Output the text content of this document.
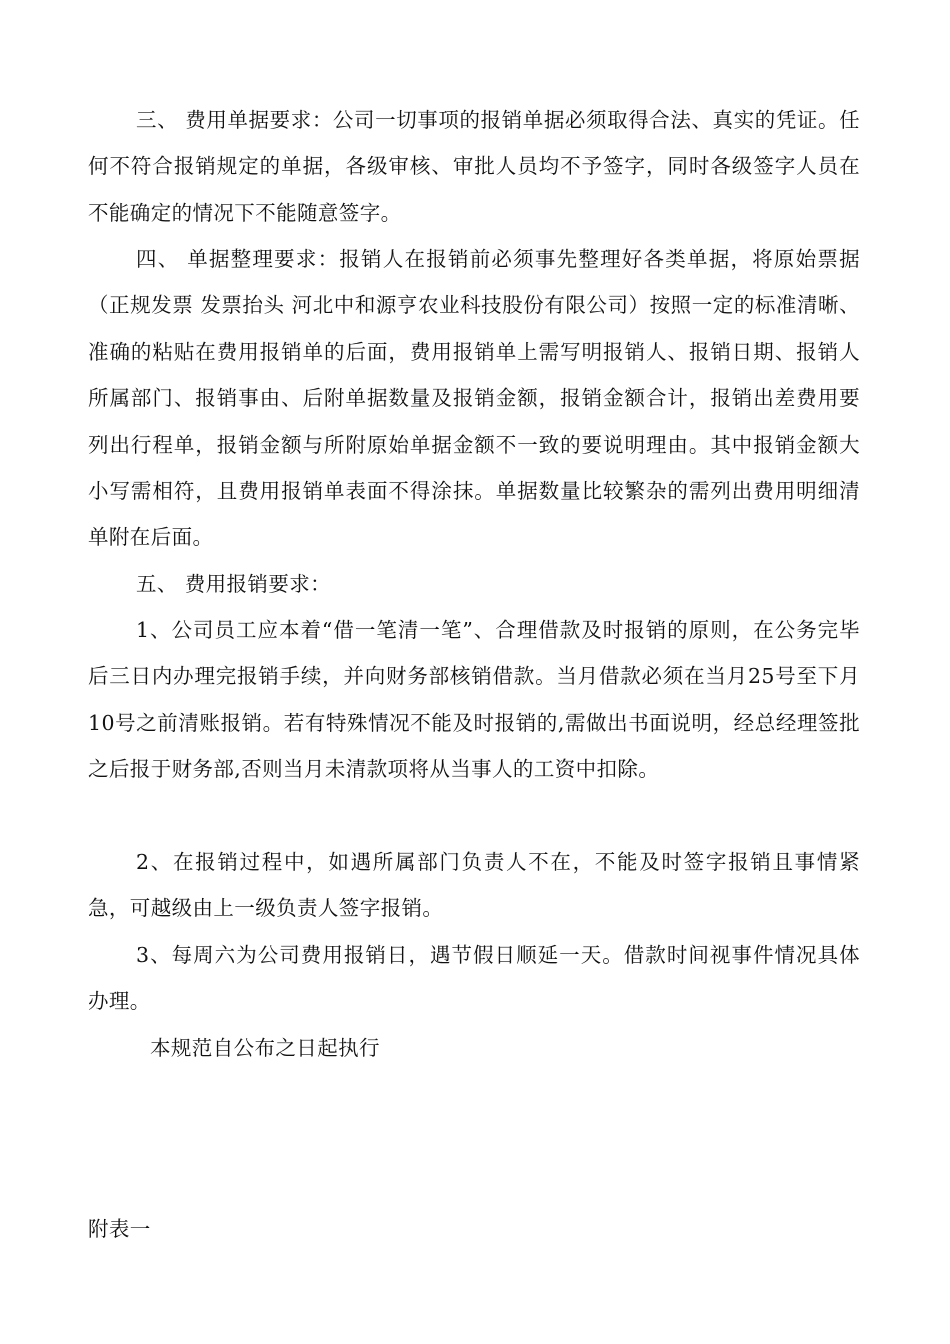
三、 费用单据要求：公司一切事项的报销单据必须取得合法、真实的凭证。任何不符合报销规定的单据，各级审核、审批人员均不予签字，同时各级签字人员在不能确定的情况下不能随意签字。

四、 单据整理要求：报销人在报销前必须事先整理好各类单据，将原始票据（正规发票 发票抬头 河北中和源亨农业科技股份有限公司）按照一定的标准清晰、准确的粘贴在费用报销单的后面，费用报销单上需写明报销人、报销日期、报销人所属部门、报销事由、后附单据数量及报销金额，报销金额合计，报销出差费用要列出行程单，报销金额与所附原始单据金额不一致的要说明理由。其中报销金额大小写需相符，且费用报销单表面不得涂抹。单据数量比较繁杂的需列出费用明细清单附在后面。

五、 费用报销要求：

1、公司员工应本着“借一笔清一笔”、合理借款及时报销的原则，在公务完毕后三日内办理完报销手续，并向财务部核销借款。当月借款必须在当月25号至下月10号之前清账报销。若有特殊情况不能及时报销的,需做出书面说明，经总经理签批之后报于财务部,否则当月未清款项将从当事人的工资中扣除。

2、在报销过程中，如遇所属部门负责人不在，不能及时签字报销且事情紧急，可越级由上一级负责人签字报销。

3、每周六为公司费用报销日，遇节假日顺延一天。借款时间视事件情况具体办理。

本规范自公布之日起执行

附表一
